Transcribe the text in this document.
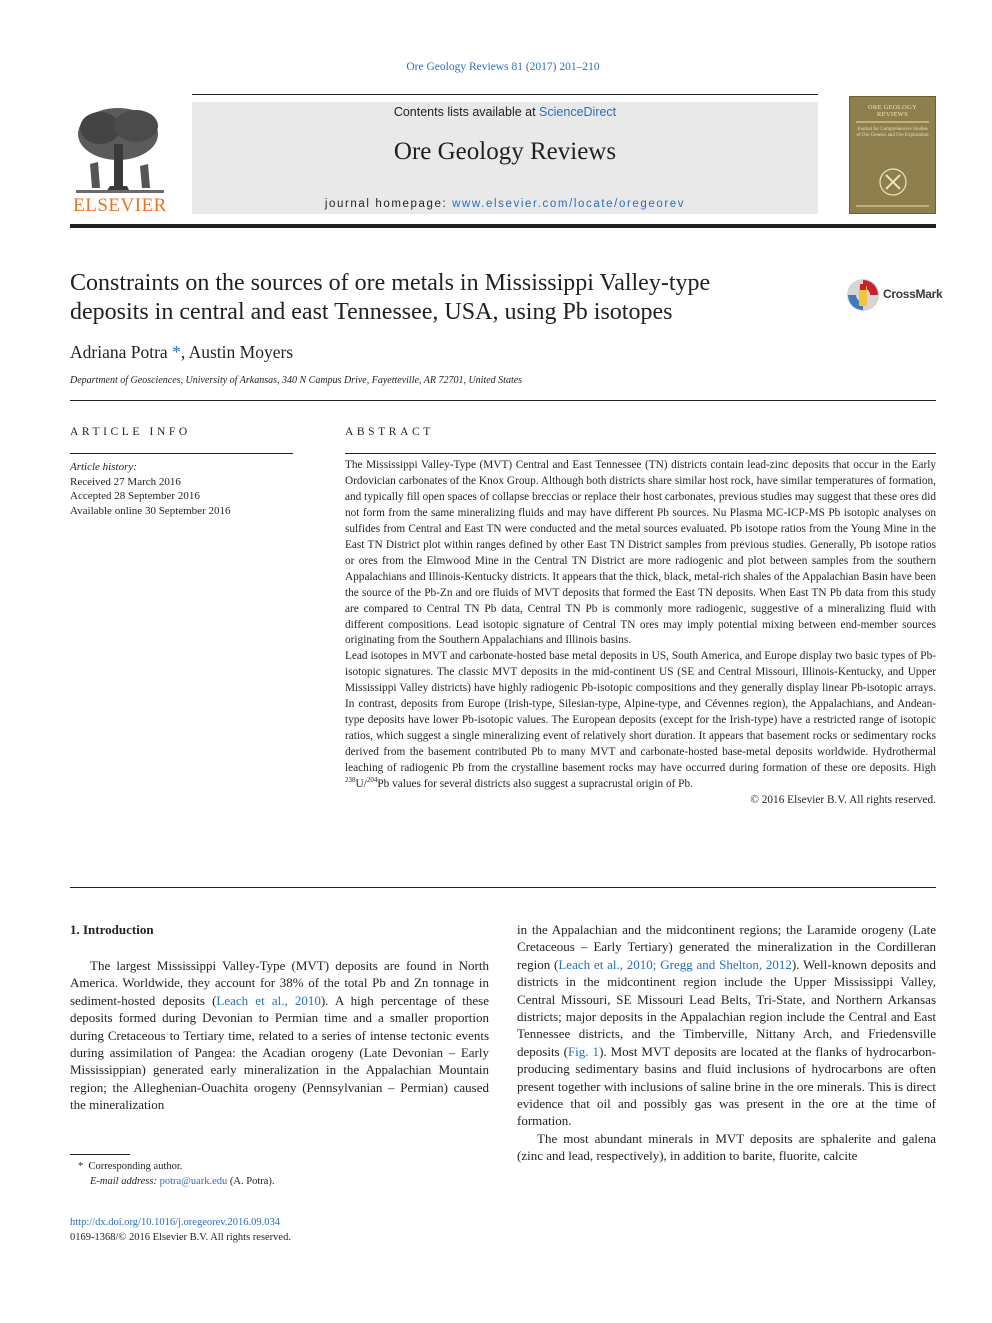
Ore Geology Reviews 81 (2017) 201–210
ELSEVIER
Contents lists available at ScienceDirect
Ore Geology Reviews
journal homepage: www.elsevier.com/locate/oregeorev
ORE GEOLOGY REVIEWS
Journal for Comprehensive Studies of Ore Genesis and Ore Exploration
Constraints on the sources of ore metals in Mississippi Valley-type deposits in central and east Tennessee, USA, using Pb isotopes
CrossMark
Adriana Potra *, Austin Moyers
Department of Geosciences, University of Arkansas, 340 N Campus Drive, Fayetteville, AR 72701, United States
ARTICLE INFO
Article history:
Received 27 March 2016
Accepted 28 September 2016
Available online 30 September 2016
ABSTRACT

The Mississippi Valley-Type (MVT) Central and East Tennessee (TN) districts contain lead-zinc deposits that occur in the Early Ordovician carbonates of the Knox Group. Although both districts share similar host rock, have similar temperatures of formation, and typically fill open spaces of collapse breccias or replace their host carbonates, previous studies may suggest that these ores did not form from the same mineralizing fluids and may have different Pb sources. Nu Plasma MC-ICP-MS Pb isotopic analyses on sulfides from Central and East TN were conducted and the metal sources evaluated. Pb isotope ratios from the Young Mine in the East TN District plot within ranges defined by other East TN District samples from previous studies. Generally, Pb isotope ratios or ores from the Elmwood Mine in the Central TN District are more radiogenic and plot between samples from the southern Appalachians and Illinois-Kentucky districts. It appears that the thick, black, metal-rich shales of the Appalachian Basin have been the source of the Pb-Zn and ore fluids of MVT deposits that formed the East TN deposits. When East TN Pb data from this study are compared to Central TN Pb data, Central TN Pb is commonly more radiogenic, suggestive of a mineralizing fluid with different compositions. Lead isotopic signature of Central TN ores may imply potential mixing between end-member sources originating from the Southern Appalachians and Illinois basins.

Lead isotopes in MVT and carbonate-hosted base metal deposits in US, South America, and Europe display two basic types of Pb-isotopic signatures. The classic MVT deposits in the mid-continent US (SE and Central Missouri, Illinois-Kentucky, and Upper Mississippi Valley districts) have highly radiogenic Pb-isotopic compositions and they generally display linear Pb-isotopic arrays. In contrast, deposits from Europe (Irish-type, Silesian-type, Alpine-type, and Cévennes region), the Appalachians, and Andean-type deposits have lower Pb-isotopic values. The European deposits (except for the Irish-type) have a restricted range of isotopic ratios, which suggest a single mineralizing event of relatively short duration. It appears that basement rocks or sedimentary rocks derived from the basement contributed Pb to many MVT and carbonate-hosted base-metal deposits worldwide. Hydrothermal leaching of radiogenic Pb from the crystalline basement rocks may have occurred during formation of these ore deposits. High $^{238}$U/$^{204}$Pb values for several districts also suggest a supracrustal origin of Pb.

© 2016 Elsevier B.V. All rights reserved.

1. Introduction

The largest Mississippi Valley-Type (MVT) deposits are found in North America. Worldwide, they account for 38% of the total Pb and Zn tonnage in sediment-hosted deposits (Leach et al., 2010). A high percentage of these deposits formed during Devonian to Permian time and a smaller proportion during Cretaceous to Tertiary time, related to a series of intense tectonic events during assimilation of Pangea: the Acadian orogeny (Late Devonian – Early Mississippian) generated early mineralization in the Appalachian Mountain region; the Alleghenian-Ouachita orogeny (Pennsylvanian – Permian) caused the mineralization

in the Appalachian and the midcontinent regions; the Laramide orogeny (Late Cretaceous – Early Tertiary) generated the mineralization in the Cordilleran region (Leach et al., 2010; Gregg and Shelton, 2012). Well-known deposits and districts in the midcontinent region include the Upper Mississippi Valley, Central Missouri, SE Missouri Lead Belts, Tri-State, and Northern Arkansas districts; major deposits in the Appalachian region include the Central and East Tennessee districts, and the Timberville, Nittany Arch, and Friedensville deposits (Fig. 1). Most MVT deposits are located at the flanks of hydrocarbon-producing sedimentary basins and fluid inclusions of hydrocarbons are often present together with inclusions of saline brine in the ore minerals. This is direct evidence that oil and possibly gas was present in the ore at the time of formation.

The most abundant minerals in MVT deposits are sphalerite and galena (zinc and lead, respectively), in addition to barite, fluorite, calcite

* Corresponding author.
E-mail address: potra@uark.edu (A. Potra).
http://dx.doi.org/10.1016/j.oregeorev.2016.09.034
0169-1368/© 2016 Elsevier B.V. All rights reserved.
